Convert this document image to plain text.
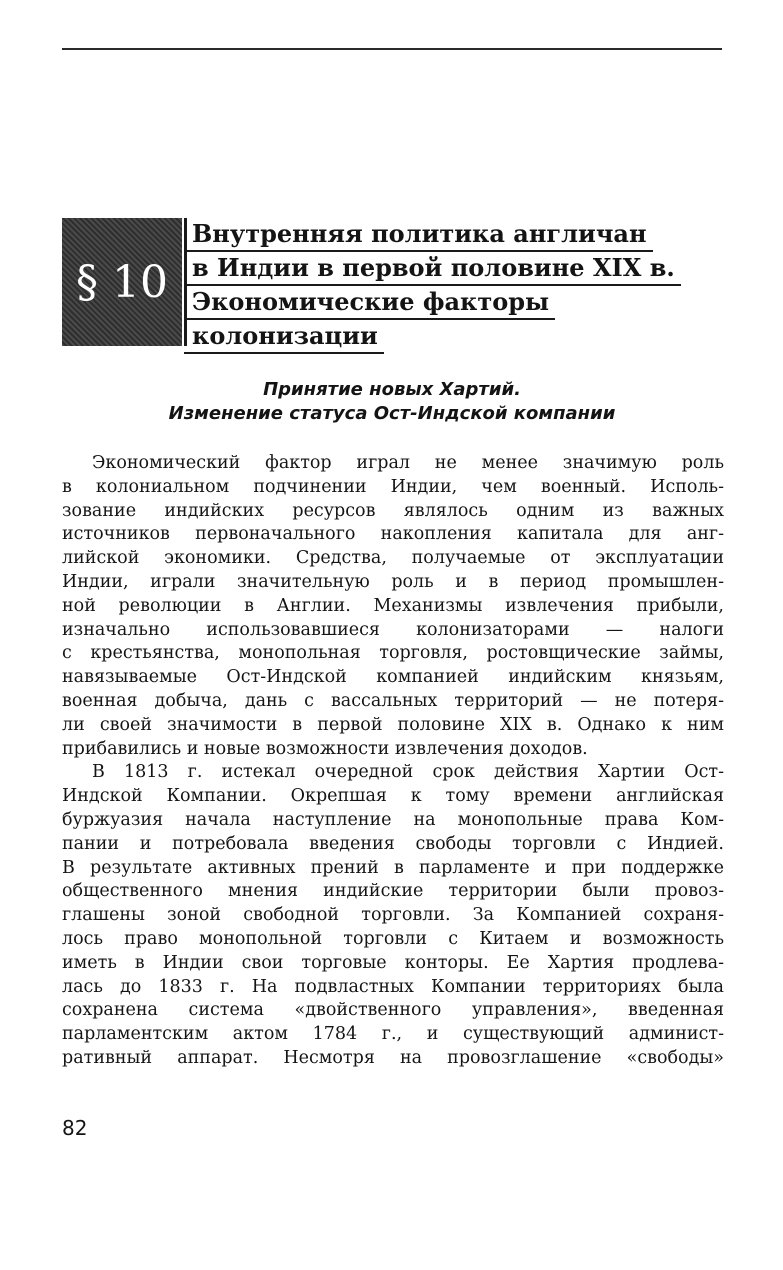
§ 10
Внутренняя политика англичан
в Индии в первой половине XIX в.
Экономические факторы
колонизации
Принятие новых Хартий.
Изменение статуса Ост-Индской компании
Экономический фактор играл не менее значимую роль
в колониальном подчинении Индии, чем военный. Исполь-
зование индийских ресурсов являлось одним из важных
источников первоначального накопления капитала для анг-
лийской экономики. Средства, получаемые от эксплуатации
Индии, играли значительную роль и в период промышлен-
ной революции в Англии. Механизмы извлечения прибыли,
изначально использовавшиеся колонизаторами — налоги
с крестьянства, монопольная торговля, ростовщические займы,
навязываемые Ост-Индской компанией индийским князьям,
военная добыча, дань с вассальных территорий — не потеря-
ли своей значимости в первой половине XIX в. Однако к ним
прибавились и новые возможности извлечения доходов.
В 1813 г. истекал очередной срок действия Хартии Ост-
Индской Компании. Окрепшая к тому времени английская
буржуазия начала наступление на монопольные права Ком-
пании и потребовала введения свободы торговли с Индией.
В результате активных прений в парламенте и при поддержке
общественного мнения индийские территории были провоз-
глашены зоной свободной торговли. За Компанией сохраня-
лось право монопольной торговли с Китаем и возможность
иметь в Индии свои торговые конторы. Ее Хартия продлева-
лась до 1833 г. На подвластных Компании территориях была
сохранена система «двойственного управления», введенная
парламентским актом 1784 г., и существующий админист-
ративный аппарат. Несмотря на провозглашение «свободы»
82
